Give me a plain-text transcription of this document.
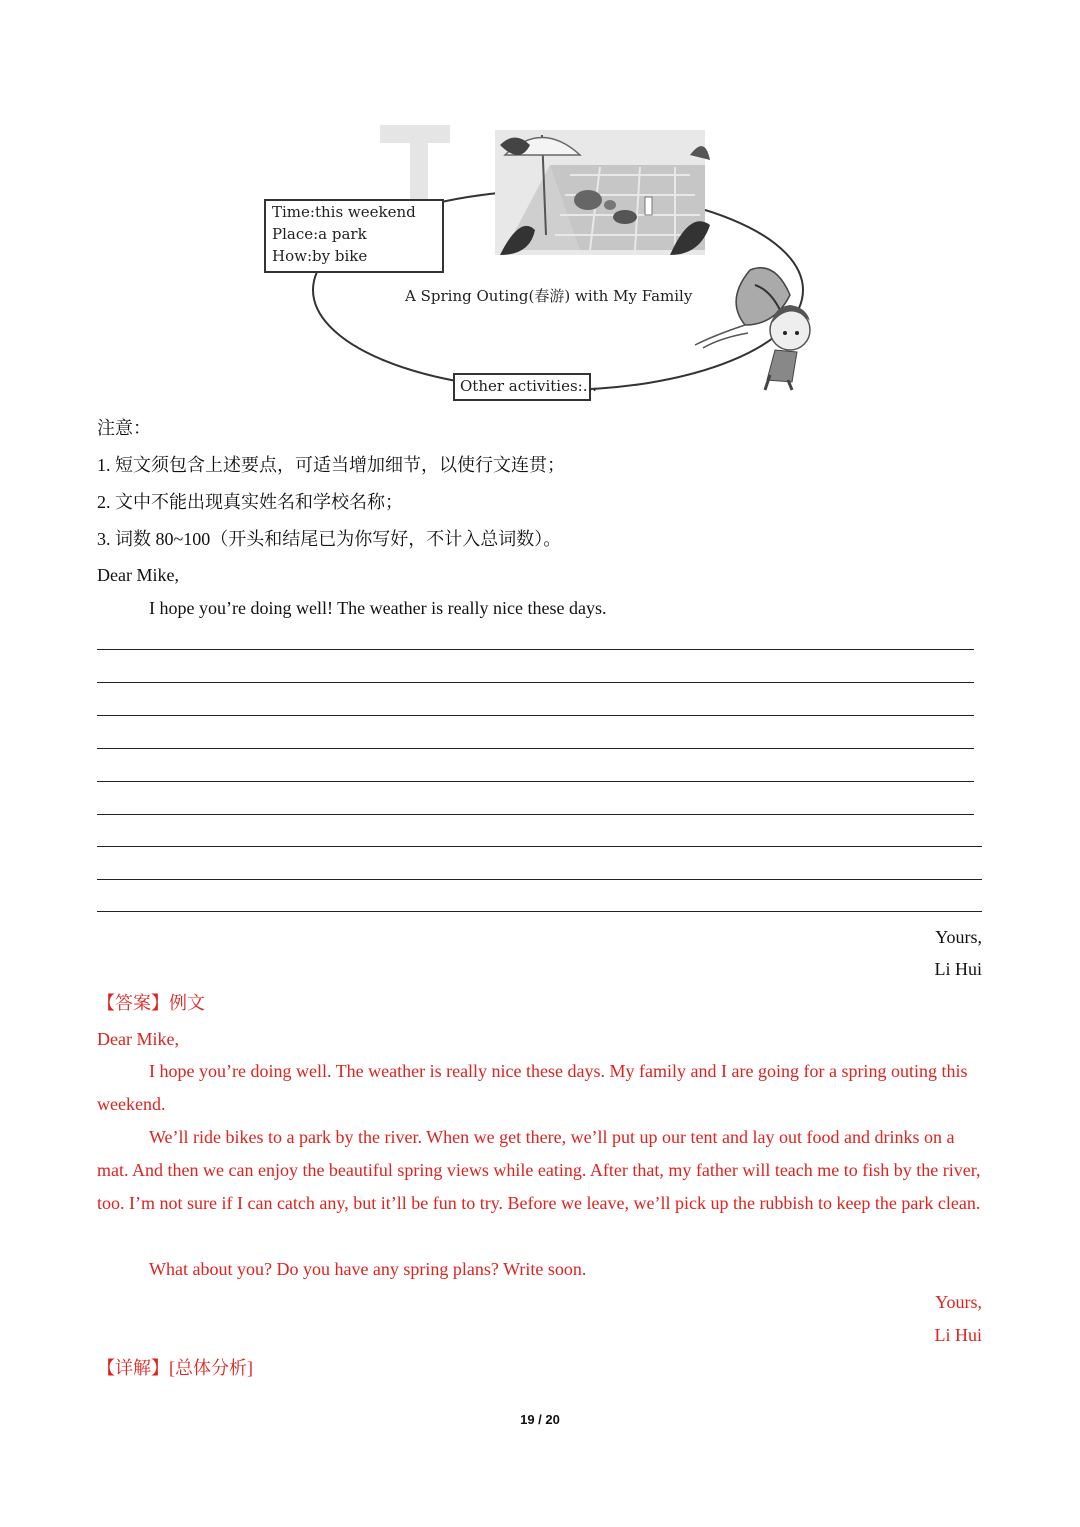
Time:this weekend
Place:a park
How:by bike
A Spring Outing(春游) with My Family
Other activities:...
注意：
1. 短文须包含上述要点，可适当增加细节，以使行文连贯；
2. 文中不能出现真实姓名和学校名称；
3. 词数 80~100（开头和结尾已为你写好，不计入总词数）。
Dear Mike,
I hope you’re doing well! The weather is really nice these days.
Yours,
Li Hui
【答案】例文
Dear Mike,
I hope you’re doing well. The weather is really nice these days. My family and I are going for a spring outing this weekend.
We’ll ride bikes to a park by the river. When we get there, we’ll put up our tent and lay out food and drinks on a mat. And then we can enjoy the beautiful spring views while eating. After that, my father will teach me to fish by the river, too. I’m not sure if I can catch any, but it’ll be fun to try. Before we leave, we’ll pick up the rubbish to keep the park clean.
What about you? Do you have any spring plans? Write soon.
Yours,
Li Hui
【详解】[总体分析]
19 / 20
